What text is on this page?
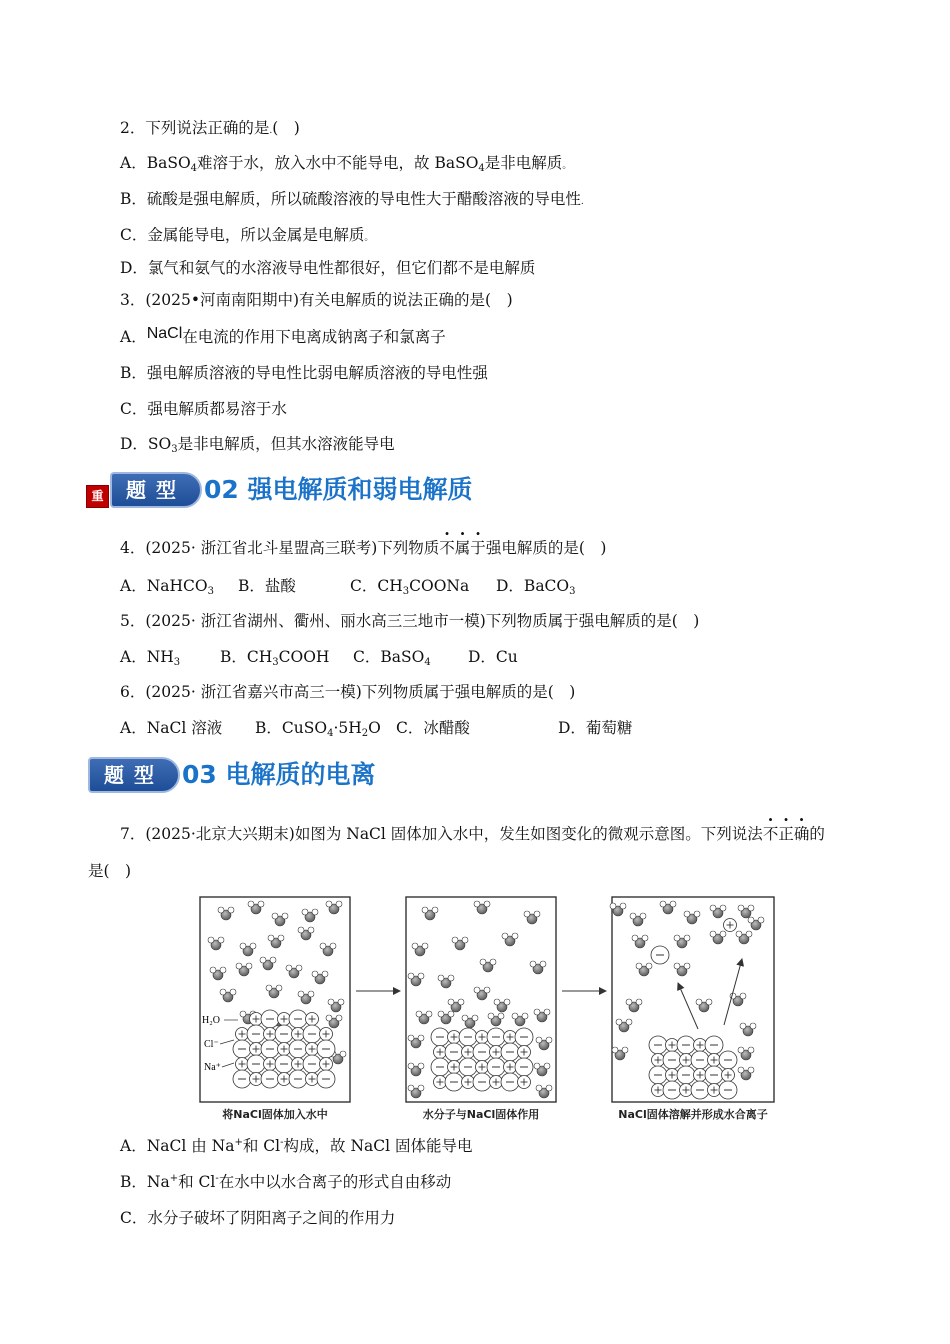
2．下列说法正确的是.(　)
A．BaSO$_4$难溶于水，放入水中不能导电，故 BaSO$_4$是非电解质。
B．硫酸是强电解质，所以硫酸溶液的导电性大于醋酸溶液的导电性.
C．金属能导电，所以金属是电解质。
D．氯气和氨气的水溶液导电性都很好，但它们都不是电解质
3．(2025•河南南阳期中)有关电解质的说法正确的是(　)
A．NaCl在电流的作用下电离成钠离子和氯离子
B．强电解质溶液的导电性比弱电解质溶液的导电性强
C．强电解质都易溶于水
D．$SO_3$是非电解质，但其水溶液能导电
重	题型 02 强电解质和弱电解质
4．(2025· 浙江省北斗星盟高三联考)下列物质不属于强电解质的是(　)
A．NaHCO$_3$ B．盐酸	C．$CH_3COONa$ D．BaCO$_3$
5．(2025· 浙江省湖州、衢州、丽水高三三地市一模)下列物质属于强电解质的是(　)
A．$NH_3$	B．$CH_3COOH$ C．BaSO$_4$ D．Cu
6．(2025· 浙江省嘉兴市高三一模)下列物质属于强电解质的是(　)
A．NaCl 溶液 B．$CuSO_4\cdot 5H_2O$ C．冰醋酸	D．葡萄糖
题型 03 电解质的电离
7．(2025·北京大兴期末)如图为 NaCl 固体加入水中，发生如图变化的微观示意图。下列说法不正确的
是(　)
H₂O
Cl⁻
Na⁺
将NaCl固体加入水中	水分子与NaCl固体作用	NaCl固体溶解并形成水合离子
A．NaCl 由 Na+和 Cl-构成，故 NaCl 固体能导电
B．Na+和 Cl-在水中以水合离子的形式自由移动
C．水分子破坏了阴阳离子之间的作用力
